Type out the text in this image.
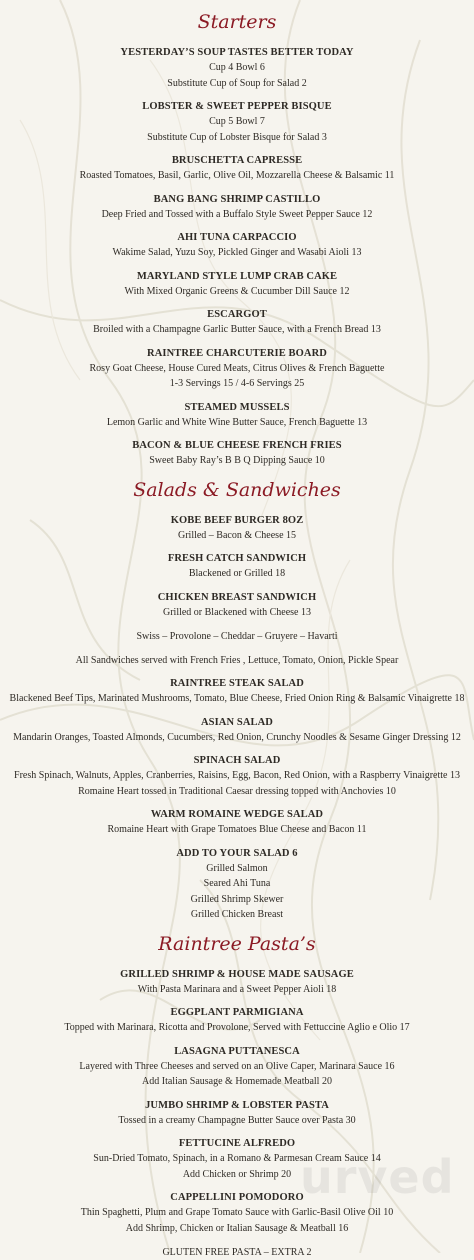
urved
Starters
YESTERDAY’S SOUP TASTES BETTER TODAY
Cup 4 Bowl 6
Substitute Cup of Soup for Salad 2
LOBSTER & SWEET PEPPER BISQUE
Cup 5 Bowl 7
Substitute Cup of Lobster Bisque for Salad 3
BRUSCHETTA CAPRESSE
Roasted Tomatoes, Basil, Garlic, Olive Oil, Mozzarella Cheese & Balsamic 11
BANG BANG SHRIMP CASTILLO
Deep Fried and Tossed with a Buffalo Style Sweet Pepper Sauce 12
AHI TUNA CARPACCIO
Wakime Salad, Yuzu Soy, Pickled Ginger and Wasabi Aioli 13
MARYLAND STYLE LUMP CRAB CAKE
With Mixed Organic Greens & Cucumber Dill Sauce 12
ESCARGOT
Broiled with a Champagne Garlic Butter Sauce, with a French Bread 13
RAINTREE CHARCUTERIE BOARD
Rosy Goat Cheese, House Cured Meats, Citrus Olives & French Baguette
1-3 Servings 15 / 4-6 Servings 25
STEAMED MUSSELS
Lemon Garlic and White Wine Butter Sauce, French Baguette 13
BACON & BLUE CHEESE FRENCH FRIES
Sweet Baby Ray’s B B Q Dipping Sauce 10
Salads & Sandwiches
KOBE BEEF BURGER 8OZ
Grilled – Bacon & Cheese 15
FRESH CATCH SANDWICH
Blackened or Grilled 18
CHICKEN BREAST SANDWICH
Grilled or Blackened with Cheese 13
Swiss – Provolone – Cheddar – Gruyere – Havarti
All Sandwiches served with French Fries , Lettuce, Tomato, Onion, Pickle Spear
RAINTREE STEAK SALAD
Blackened Beef Tips, Marinated Mushrooms, Tomato, Blue Cheese, Fried Onion Ring & Balsamic Vinaigrette 18
ASIAN SALAD
Mandarin Oranges, Toasted Almonds, Cucumbers, Red Onion, Crunchy Noodles & Sesame Ginger Dressing 12
SPINACH SALAD
Fresh Spinach, Walnuts, Apples, Cranberries, Raisins, Egg, Bacon, Red Onion, with a Raspberry Vinaigrette 13
Romaine Heart tossed in Traditional Caesar dressing topped with Anchovies 10
WARM ROMAINE WEDGE SALAD
Romaine Heart with Grape Tomatoes Blue Cheese and Bacon 11
ADD TO YOUR SALAD 6
Grilled Salmon
Seared Ahi Tuna
Grilled Shrimp Skewer
Grilled Chicken Breast
Raintree Pasta’s
GRILLED SHRIMP & HOUSE MADE SAUSAGE
With Pasta Marinara and a Sweet Pepper Aioli 18
EGGPLANT PARMIGIANA
Topped with Marinara, Ricotta and Provolone, Served with Fettuccine Aglio e Olio 17
LASAGNA PUTTANESCA
Layered with Three Cheeses and served on an Olive Caper, Marinara Sauce 16
Add Italian Sausage & Homemade Meatball 20
JUMBO SHRIMP & LOBSTER PASTA
Tossed in a creamy Champagne Butter Sauce over Pasta 30
FETTUCINE ALFREDO
Sun-Dried Tomato, Spinach, in a Romano & Parmesan Cream Sauce 14
Add Chicken or Shrimp 20
CAPPELLINI POMODORO
Thin Spaghetti, Plum and Grape Tomato Sauce with Garlic-Basil Olive Oil 10
Add Shrimp, Chicken or Italian Sausage & Meatball 16
GLUTEN FREE PASTA – EXTRA 2
